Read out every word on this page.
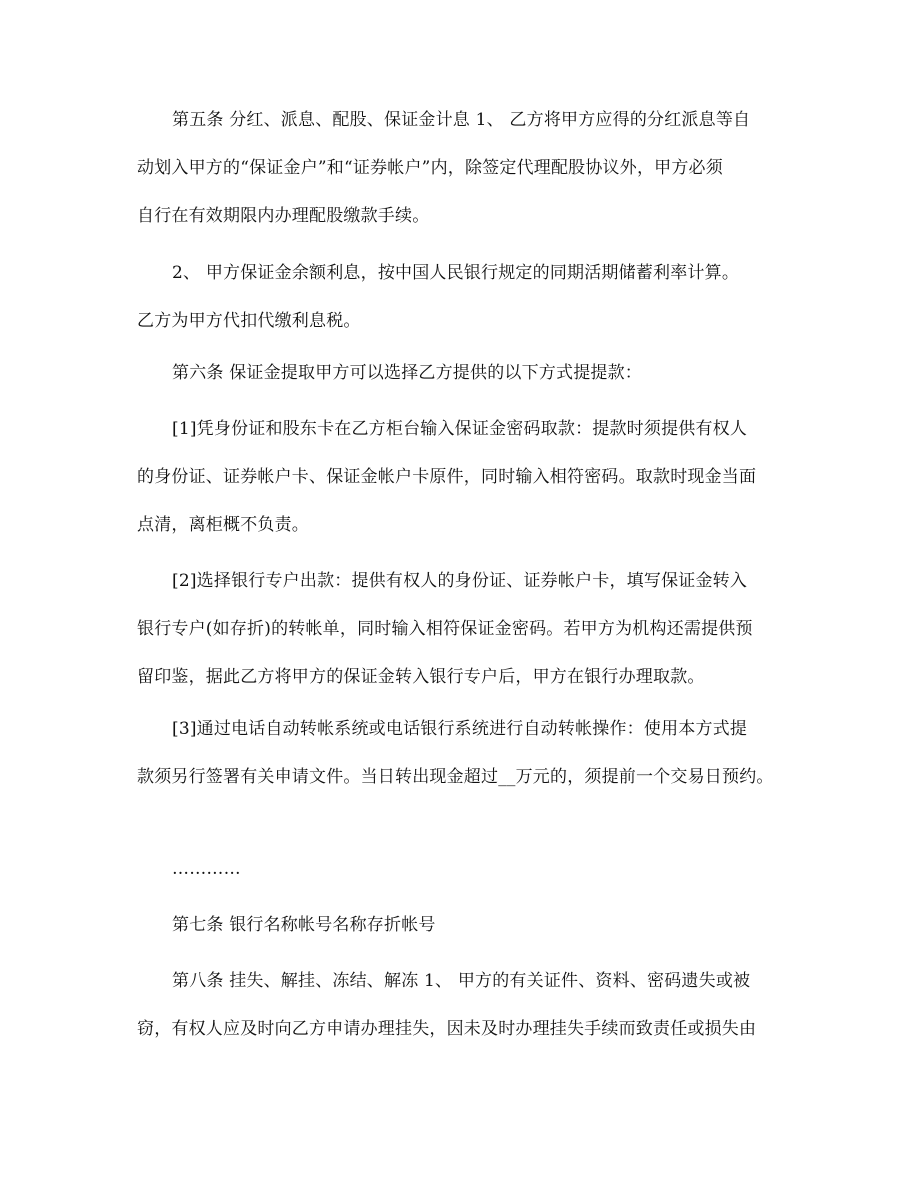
第五条 分红、派息、配股、保证金计息 1、 乙方将甲方应得的分红派息等自
动划入甲方的“保证金户”和“证券帐户”内，除签定代理配股协议外，甲方必须
自行在有效期限内办理配股缴款手续。
2、 甲方保证金余额利息，按中国人民银行规定的同期活期储蓄利率计算。
乙方为甲方代扣代缴利息税。
第六条 保证金提取甲方可以选择乙方提供的以下方式提提款：
[1]凭身份证和股东卡在乙方柜台输入保证金密码取款：提款时须提供有权人
的身份证、证券帐户卡、保证金帐户卡原件，同时输入相符密码。取款时现金当面
点清，离柜概不负责。
[2]选择银行专户出款：提供有权人的身份证、证券帐户卡，填写保证金转入
银行专户(如存折)的转帐单，同时输入相符保证金密码。若甲方为机构还需提供预
留印鉴，据此乙方将甲方的保证金转入银行专户后，甲方在银行办理取款。
[3]通过电话自动转帐系统或电话银行系统进行自动转帐操作：使用本方式提
款须另行签署有关申请文件。当日转出现金超过__万元的，须提前一个交易日预约。
…………
第七条 银行名称帐号名称存折帐号
第八条 挂失、解挂、冻结、解冻 1、 甲方的有关证件、资料、密码遗失或被
窃，有权人应及时向乙方申请办理挂失，因未及时办理挂失手续而致责任或损失由
